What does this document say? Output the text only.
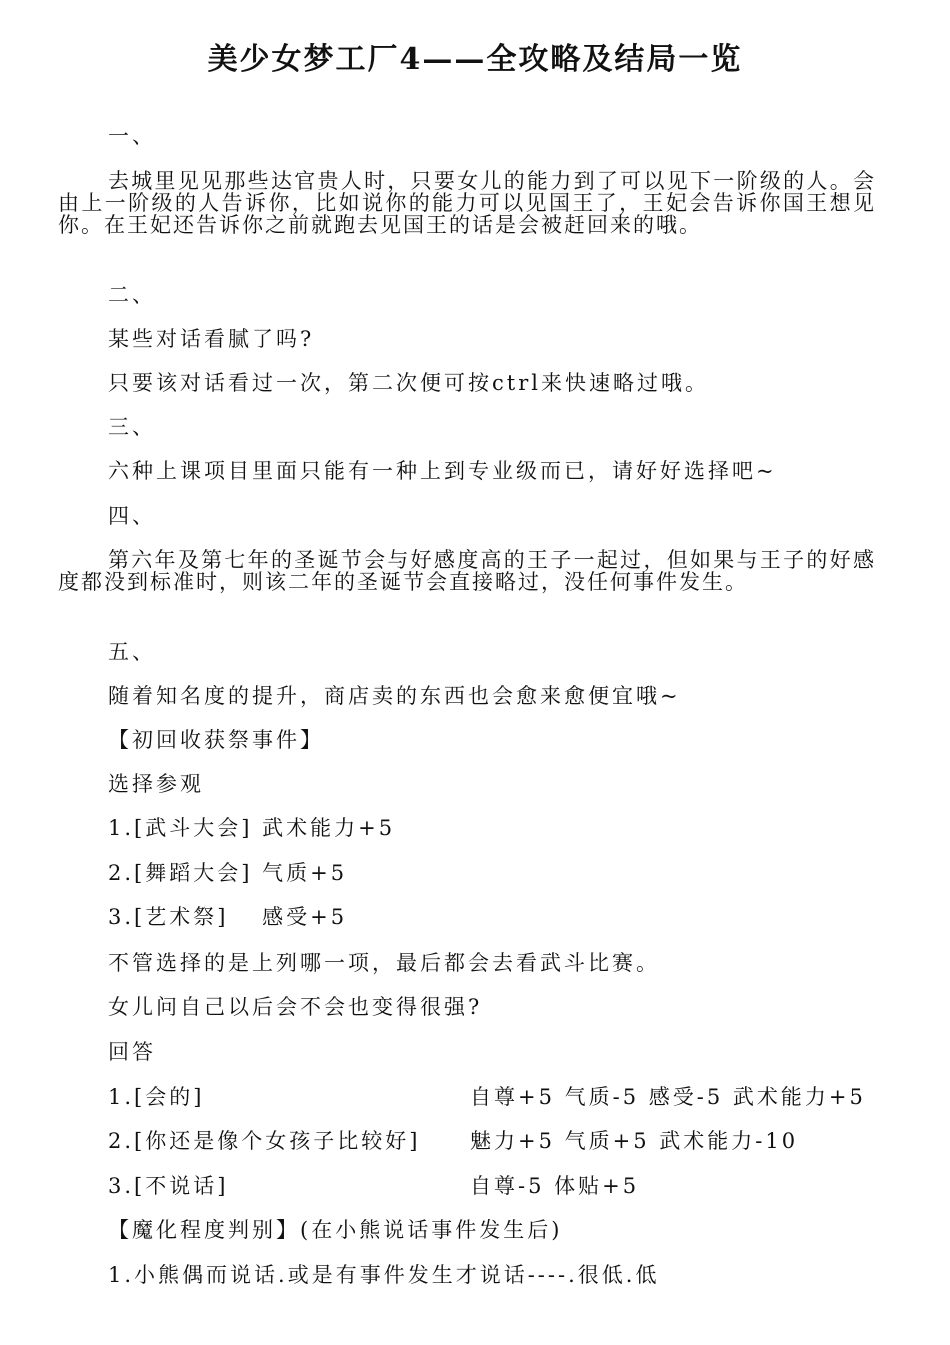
美少女梦工厂4——全攻略及结局一览
一、
去城里见见那些达官贵人时，只要女儿的能力到了可以见下一阶级的人。会由上一阶级的人告诉你，比如说你的能力可以见国王了，王妃会告诉你国王想见你。在王妃还告诉你之前就跑去见国王的话是会被赶回来的哦。
二、
某些对话看腻了吗?
只要该对话看过一次，第二次便可按ctrl来快速略过哦。
三、
六种上课项目里面只能有一种上到专业级而已，请好好选择吧~
四、
第六年及第七年的圣诞节会与好感度高的王子一起过，但如果与王子的好感度都没到标准时，则该二年的圣诞节会直接略过，没任何事件发生。
五、
随着知名度的提升，商店卖的东西也会愈来愈便宜哦~
【初回收获祭事件】
选择参观
1.[武斗大会] 武术能力+5
2.[舞蹈大会] 气质+5
3.[艺术祭]　 感受+5
不管选择的是上列哪一项，最后都会去看武斗比赛。
女儿问自己以后会不会也变得很强?
回答
1.[会的]	自尊+5 气质-5 感受-5 武术能力+5
2.[你还是像个女孩子比较好] 魅力+5 气质+5 武术能力-10
3.[不说话]	自尊-5 体贴+5
【魔化程度判别】(在小熊说话事件发生后)
1.小熊偶而说话.或是有事件发生才说话----.很低.低
